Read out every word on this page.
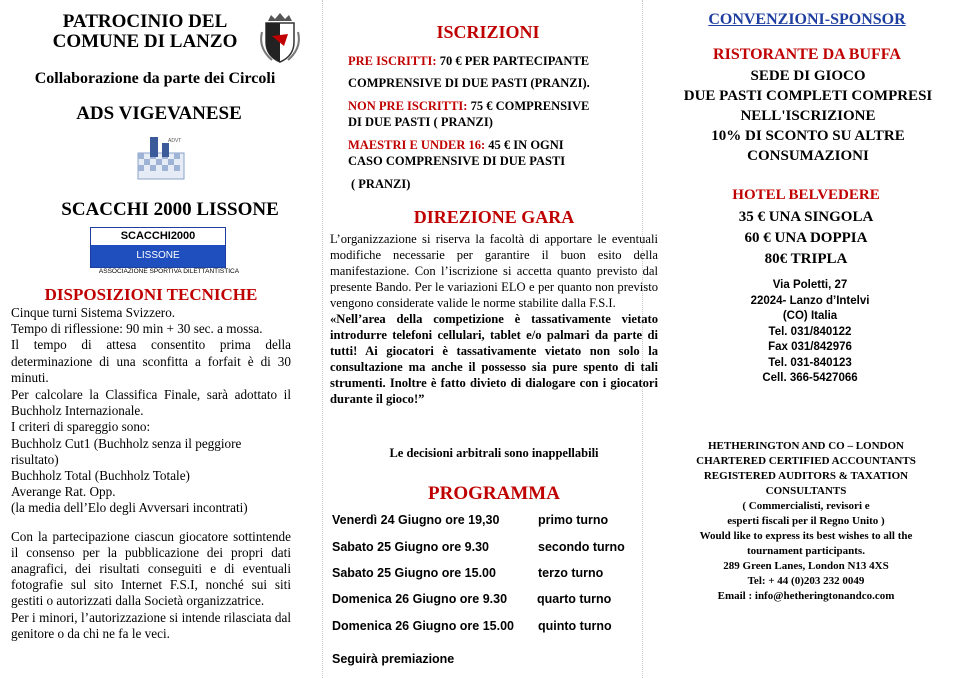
PATROCINIO DEL
COMUNE DI LANZO
Collaborazione da parte dei Circoli
ADS VIGEVANESE
ADVT
SCACCHI 2000 LISSONE
SCACCHI2000
LISSONE
ASSOCIAZIONE SPORTIVA DILETTANTISTICA
DISPOSIZIONI TECNICHE

Cinque turni Sistema Svizzero.

Tempo di riflessione: 90 min + 30 sec. a mossa.

Il tempo di attesa consentito prima della determinazione di una sconfitta a forfait è di 30 minuti.

Per calcolare la Classifica Finale, sarà adottato il Buchholz Internazionale.

I criteri di spareggio sono:

Buchholz Cut1 (Buchholz senza il peggiore risultato)

Buchholz Total (Buchholz Totale)

Averange Rat. Opp.

(la media dell’Elo degli Avversari incontrati)

Con la partecipazione ciascun giocatore sottintende il consenso per la pubblicazione dei propri dati anagrafici, dei risultati conseguiti e di eventuali fotografie sul sito Internet F.S.I, nonché sui siti gestiti o autorizzati dalla Società organizzatrice.

Per i minori, l’autorizzazione si intende rilasciata dal genitore o da chi ne fa le veci.

ISCRIZIONI

PRE ISCRITTI: 70 € PER PARTECIPANTE

COMPRENSIVE DI DUE PASTI (PRANZI).

NON PRE ISCRITTI: 75 € COMPRENSIVE

DI DUE PASTI ( PRANZI)

MAESTRI E UNDER 16: 45 € IN OGNI

CASO COMPRENSIVE DI DUE PASTI

( PRANZI)

DIREZIONE GARA

L’organizzazione si riserva la facoltà di apportare le eventuali modifiche necessarie per garantire il buon esito della manifestazione. Con l’iscrizione si accetta quanto previsto dal presente Bando. Per le variazioni ELO e per quanto non previsto vengono considerate valide le norme stabilite dalla F.S.I.

«Nell’area della competizione è tassativamente vietato introdurre telefoni cellulari, tablet e/o palmari da parte di tutti! Ai giocatori è tassativamente vietato non solo la consultazione ma anche il possesso sia pure spento di tali strumenti. Inoltre è fatto divieto di dialogare con i giocatori durante il gioco!”

Le decisioni arbitrali sono inappellabili
PROGRAMMA
Venerdì 24 Giugno ore 19,30	primo turno
Sabato 25 Giugno ore 9.30	secondo turno
Sabato 25 Giugno ore 15.00	terzo turno
Domenica 26 Giugno ore 9.30 quarto turno
Domenica 26 Giugno ore 15.00 quinto turno
Seguirà premiazione
CONVENZIONI-SPONSOR
RISTORANTE DA BUFFA
SEDE DI GIOCO
DUE PASTI COMPLETI COMPRESI
NELL'ISCRIZIONE
10% DI SCONTO SU ALTRE
CONSUMAZIONI
HOTEL BELVEDERE
35 € UNA SINGOLA
60 € UNA DOPPIA
80€ TRIPLA
Via Poletti, 27
22024- Lanzo d’Intelvi
(CO) Italia
Tel. 031/840122
Fax 031/842976
Tel. 031-840123
Cell. 366-5427066
HETHERINGTON AND CO – LONDON
CHARTERED CERTIFIED ACCOUNTANTS
REGISTERED AUDITORS & TAXATION
CONSULTANTS
( Commercialisti, revisori e
esperti fiscali per il Regno Unito )
Would like to express its best wishes to all the
tournament participants.
289 Green Lanes, London N13 4XS
Tel: + 44 (0)203 232 0049
Email : info@hetheringtonandco.com
